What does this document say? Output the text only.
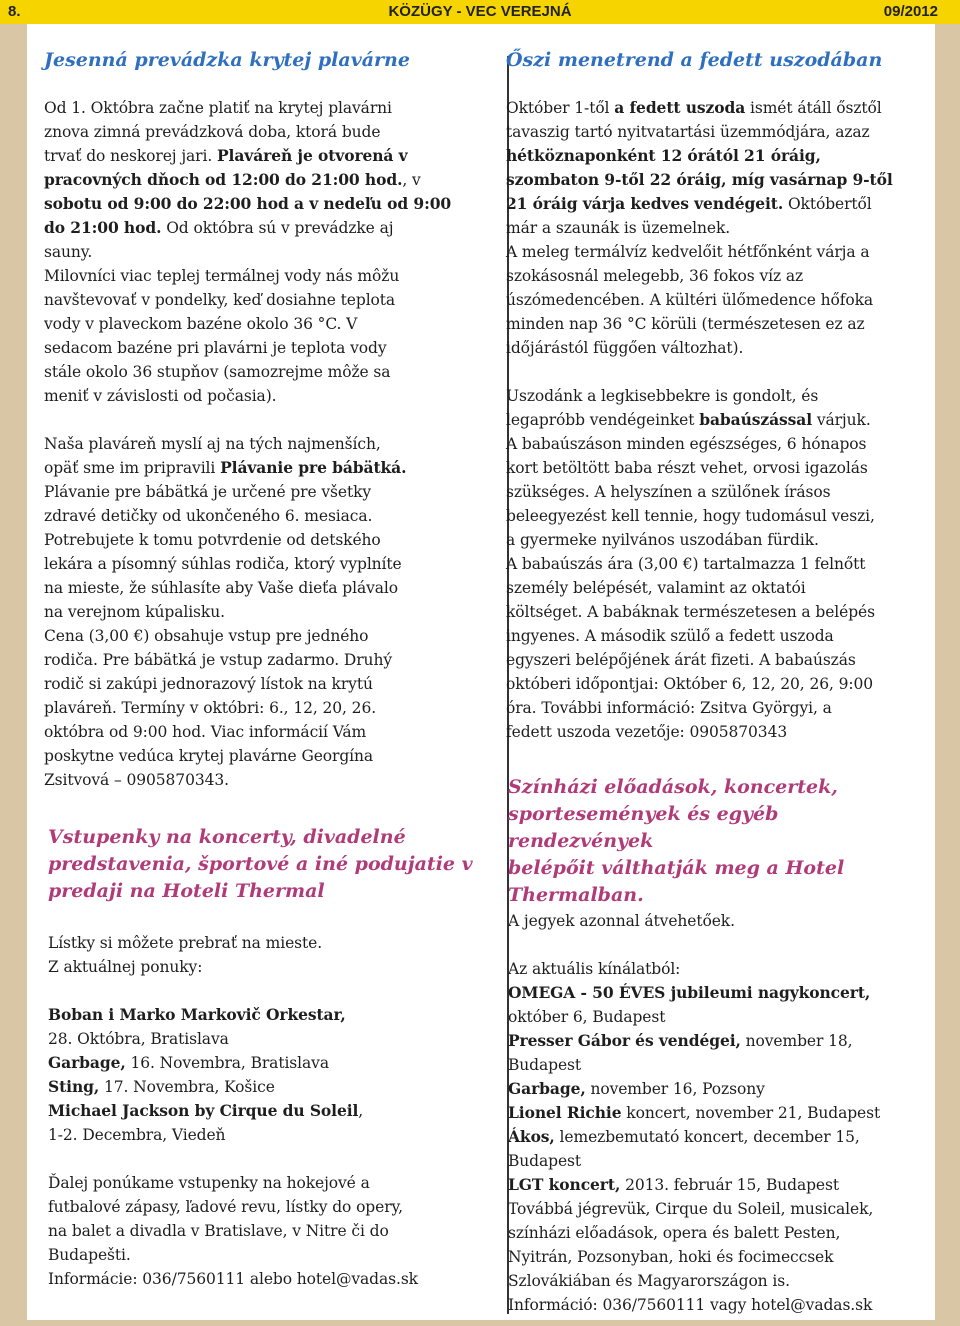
8.	KÖZÜGY - VEC VEREJNÁ	09/2012
Jesenná prevádzka krytej plavárne

Od 1. Októbra začne platiť na krytej plavárni
znova zimná prevádzková doba, ktorá bude
trvať do neskorej jari. Plaváreň je otvorená v
pracovných dňoch od 12:00 do 21:00 hod., v
sobotu od 9:00 do 22:00 hod a v nedeľu od 9:00
do 21:00 hod. Od októbra sú v prevádzke aj
sauny.
Milovníci viac teplej termálnej vody nás môžu
navštevovať v pondelky, keď dosiahne teplota
vody v plaveckom bazéne okolo 36 °C. V
sedacom bazéne pri plavárni je teplota vody
stále okolo 36 stupňov (samozrejme môže sa
meniť v závislosti od počasia).

Naša plaváreň myslí aj na tých najmenších,
opäť sme im pripravili Plávanie pre bábätká.
Plávanie pre bábätká je určené pre všetky
zdravé detičky od ukončeného 6. mesiaca.
Potrebujete k tomu potvrdenie od detského
lekára a písomný súhlas rodiča, ktorý vyplníte
na mieste, že súhlasíte aby Vaše dieťa plávalo
na verejnom kúpalisku.
Cena (3,00 €) obsahuje vstup pre jedného
rodiča. Pre bábätká je vstup zadarmo. Druhý
rodič si zakúpi jednorazový lístok na krytú
plaváreň. Termíny v októbri: 6., 12, 20, 26.
októbra od 9:00 hod. Viac informácií Vám
poskytne vedúca krytej plavárne Georgína
Zsitvová – 0905870343.

Vstupenky na koncerty, divadelné
predstavenia, športové a iné podujatie v
predaji na Hoteli Thermal

Lístky si môžete prebrať na mieste.
Z aktuálnej ponuky:

Boban i Marko Markovič Orkestar,
28. Októbra, Bratislava
Garbage, 16. Novembra, Bratislava
Sting, 17. Novembra, Košice
Michael Jackson by Cirque du Soleil,
1-2. Decembra, Viedeň

Ďalej ponúkame vstupenky na hokejové a
futbalové zápasy, ľadové revu, lístky do opery,
na balet a divadla v Bratislave, v Nitre či do
Budapešti.
Informácie: 036/7560111 alebo hotel@vadas.sk

Őszi menetrend a fedett uszodában

Október 1-től a fedett uszoda ismét átáll ősztől
tavaszig tartó nyitvatartási üzemmódjára, azaz
hétköznaponként 12 órától 21 óráig,
szombaton 9-től 22 óráig, míg vasárnap 9-től
21 óráig várja kedves vendégeit. Októbertől
már a szaunák is üzemelnek.
A meleg termálvíz kedvelőit hétfőnként várja a
szokásosnál melegebb, 36 fokos víz az
úszómedencében. A kültéri ülőmedence hőfoka
minden nap 36 °C körüli (természetesen ez az
időjárástól függően változhat).

Uszodánk a legkisebbekre is gondolt, és
legapróbb vendégeinket babaúszással várjuk.
A babaúszáson minden egészséges, 6 hónapos
kort betöltött baba részt vehet, orvosi igazolás
szükséges. A helyszínen a szülőnek írásos
beleegyezést kell tennie, hogy tudomásul veszi,
a gyermeke nyilvános uszodában fürdik.
A babaúszás ára (3,00 €) tartalmazza 1 felnőtt
személy belépését, valamint az oktatói
költséget. A babáknak természetesen a belépés
ingyenes. A második szülő a fedett uszoda
egyszeri belépőjének árát fizeti. A babaúszás
októberi időpontjai: Október 6, 12, 20, 26, 9:00
óra. További információ: Zsitva Györgyi, a
fedett uszoda vezetője: 0905870343

Színházi előadások, koncertek,
sportesemények és egyéb rendezvények
belépőit válthatják meg a Hotel
Thermalban.

A jegyek azonnal átvehetőek.

Az aktuális kínálatból:
OMEGA - 50 ÉVES jubileumi nagykoncert,
október 6, Budapest
Presser Gábor és vendégei, november 18,
Budapest
Garbage, november 16, Pozsony
Lionel Richie koncert, november 21, Budapest
Ákos, lemezbemutató koncert, december 15,
Budapest
LGT koncert, 2013. február 15, Budapest
Továbbá jégrevük, Cirque du Soleil, musicalek,
színházi előadások, opera és balett Pesten,
Nyitrán, Pozsonyban, hoki és focimeccsek
Szlovákiában és Magyarországon is.
Információ: 036/7560111 vagy hotel@vadas.sk
